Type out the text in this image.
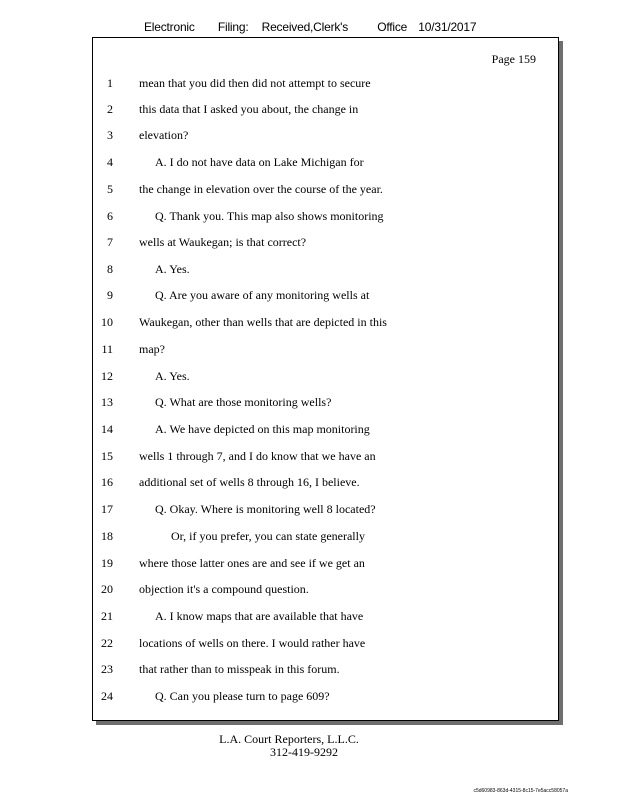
Electronic Filing: Received,Clerk's Office 10/31/2017
Page 159
1 mean that you did then did not attempt to secure
2 this data that I asked you about, the change in
3 elevation?
4	A. I do not have data on Lake Michigan for
5 the change in elevation over the course of the year.
6	Q. Thank you. This map also shows monitoring
7 wells at Waukegan; is that correct?
8	A. Yes.
9	Q. Are you aware of any monitoring wells at
10 Waukegan, other than wells that are depicted in this
11 map?
12	A. Yes.
13	Q. What are those monitoring wells?
14	A. We have depicted on this map monitoring
15 wells 1 through 7, and I do know that we have an
16 additional set of wells 8 through 16, I believe.
17	Q. Okay. Where is monitoring well 8 located?
18	Or, if you prefer, you can state generally
19 where those latter ones are and see if we get an
20 objection it's a compound question.
21	A. I know maps that are available that have
22 locations of wells on there. I would rather have
23 that rather than to misspeak in this forum.
24	Q. Can you please turn to page 609?
L.A. Court Reporters, L.L.C.
312-419-9292
c5d60983-863d-4315-8c15-7e5acc58057a
